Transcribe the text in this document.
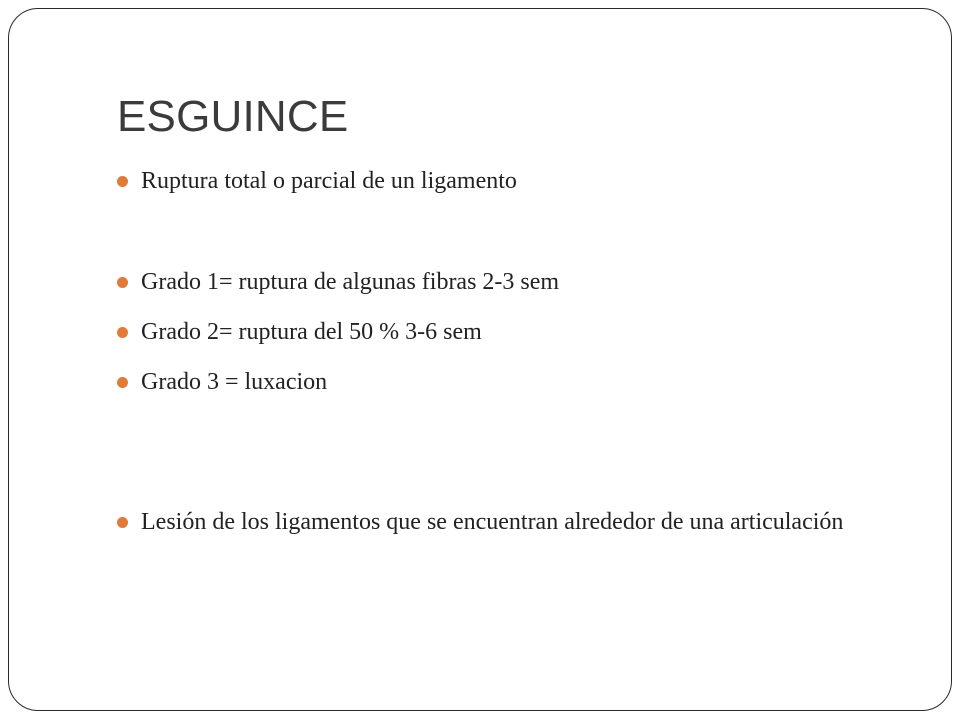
ESGUINCE
Ruptura total o parcial de un ligamento
Grado 1= ruptura de algunas fibras 2-3 sem
Grado 2= ruptura del 50 % 3-6 sem
Grado 3 = luxacion
Lesión de los ligamentos que se encuentran alrededor de una articulación
